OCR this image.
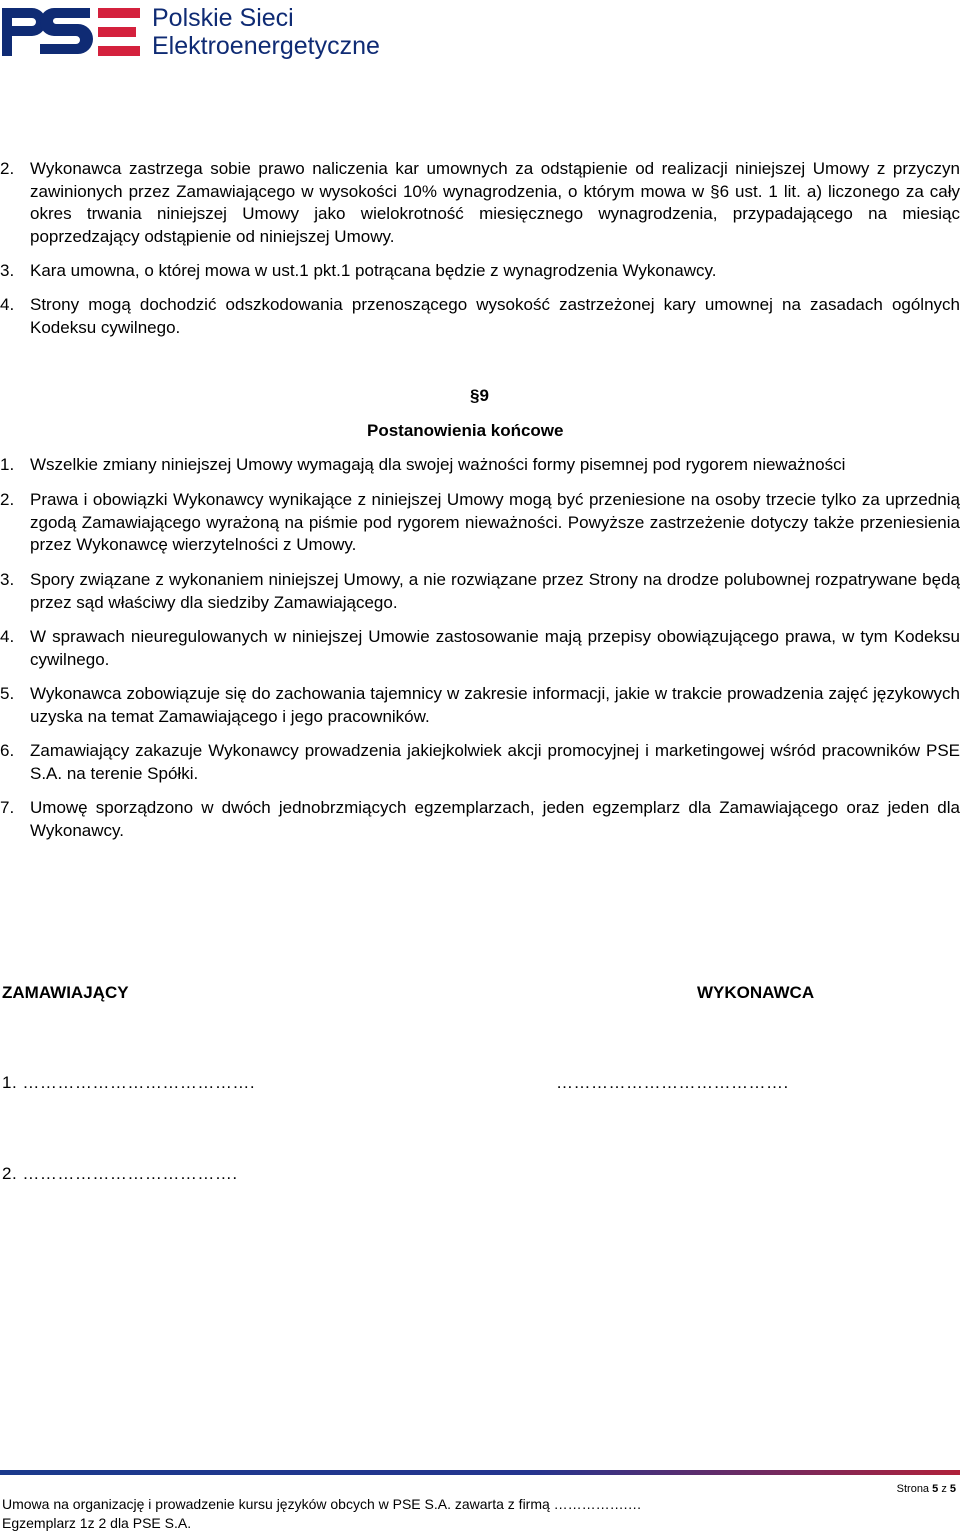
Polskie Sieci
Elektroenergetyczne
2. Wykonawca zastrzega sobie prawo naliczenia kar umownych za odstąpienie od realizacji niniejszej Umowy z przyczyn zawinionych przez Zamawiającego w wysokości 10% wynagrodzenia, o którym mowa w §6 ust. 1 lit. a) liczonego za cały okres trwania niniejszej Umowy jako wielokrotność miesięcznego wynagrodzenia, przypadającego na miesiąc poprzedzający odstąpienie od niniejszej Umowy.
3. Kara umowna, o której mowa w ust.1 pkt.1 potrącana będzie z wynagrodzenia Wykonawcy.
4. Strony mogą dochodzić odszkodowania przenoszącego wysokość zastrzeżonej kary umownej na zasadach ogólnych Kodeksu cywilnego.
§9
Postanowienia końcowe
1. Wszelkie zmiany niniejszej Umowy wymagają dla swojej ważności formy pisemnej pod rygorem nieważności
2. Prawa i obowiązki Wykonawcy wynikające z niniejszej Umowy mogą być przeniesione na osoby trzecie tylko za uprzednią zgodą Zamawiającego wyrażoną na piśmie pod rygorem nieważności. Powyższe zastrzeżenie dotyczy także przeniesienia przez Wykonawcę wierzytelności z Umowy.
3. Spory związane z wykonaniem niniejszej Umowy, a nie rozwiązane przez Strony na drodze polubownej rozpatrywane będą przez sąd właściwy dla siedziby Zamawiającego.
4. W sprawach nieuregulowanych w niniejszej Umowie zastosowanie mają przepisy obowiązującego prawa, w tym Kodeksu cywilnego.
5. Wykonawca zobowiązuje się do zachowania tajemnicy w zakresie informacji, jakie w trakcie prowadzenia zajęć językowych uzyska na temat Zamawiającego i jego pracowników.
6. Zamawiający zakazuje Wykonawcy prowadzenia jakiejkolwiek akcji promocyjnej i marketingowej wśród pracowników PSE S.A. na terenie Spółki.
7. Umowę sporządzono w dwóch jednobrzmiących egzemplarzach, jeden egzemplarz dla Zamawiającego oraz jeden dla Wykonawcy.
ZAMAWIAJĄCY	WYKONAWCA
1. ………………………………….	………………………………….
2. ……………………………….
Strona 5 z 5
Umowa na organizację i prowadzenie kursu języków obcych w PSE S.A. zawarta z firmą …………….…
Egzemplarz 1z 2 dla PSE S.A.
